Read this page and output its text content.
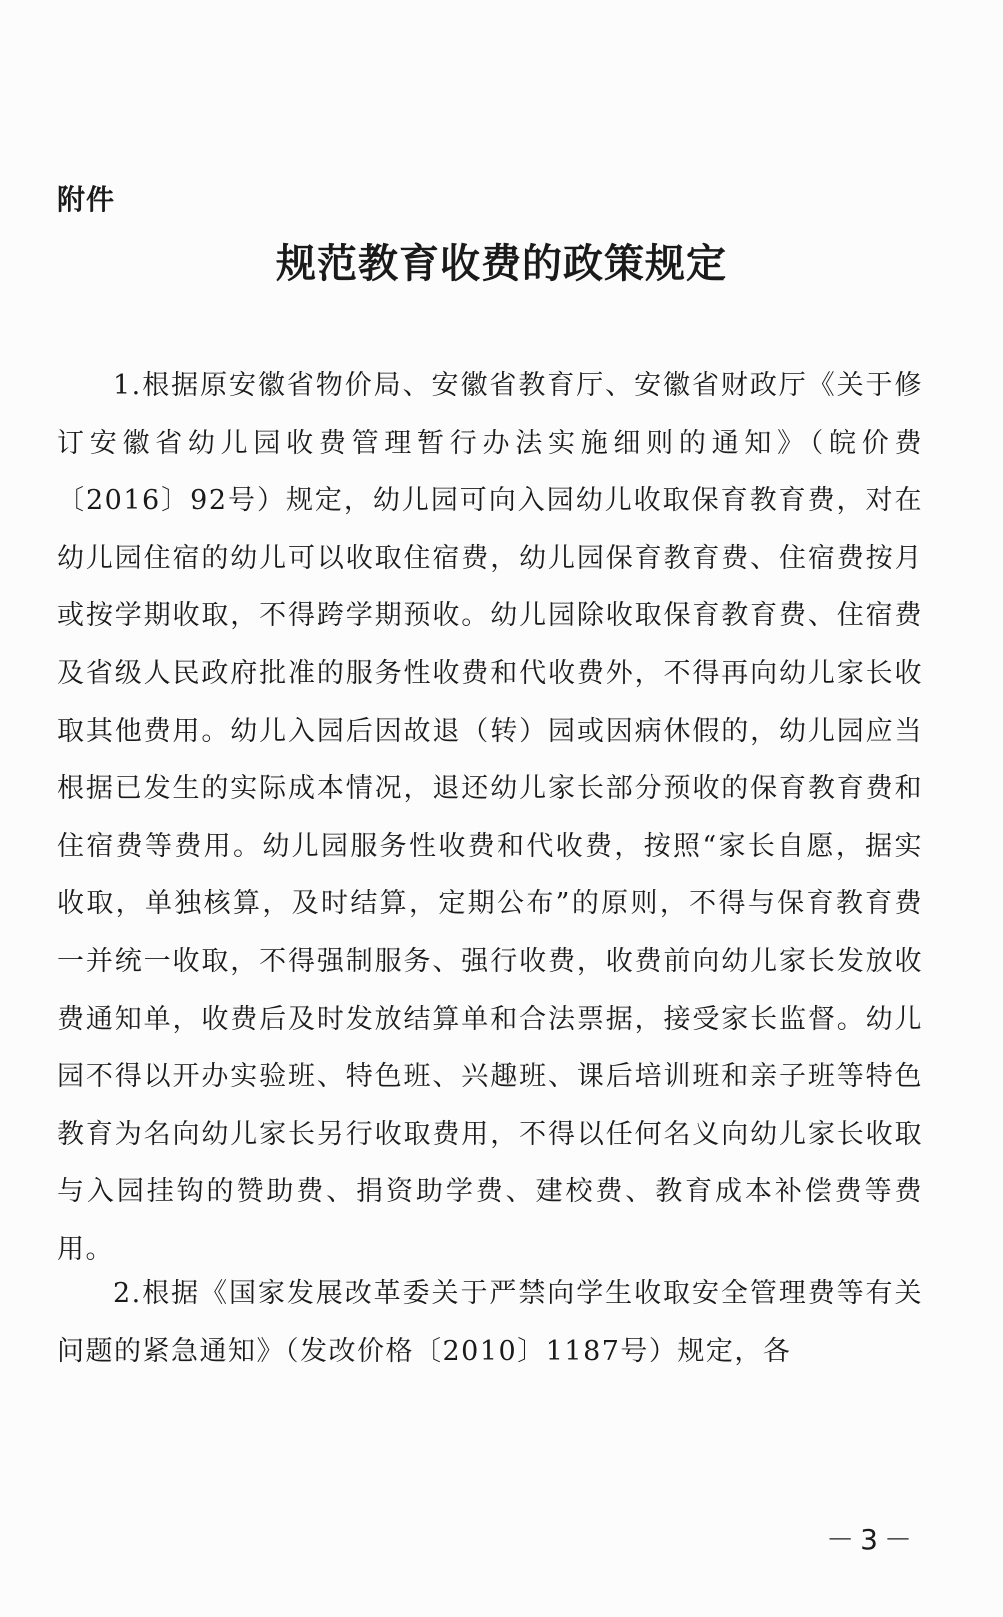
附件
规范教育收费的政策规定

1.根据原安徽省物价局、安徽省教育厅、安徽省财政厅《关于修订安徽省幼儿园收费管理暂行办法实施细则的通知》（皖价费〔2016〕92号）规定，幼儿园可向入园幼儿收取保育教育费，对在幼儿园住宿的幼儿可以收取住宿费，幼儿园保育教育费、住宿费按月或按学期收取，不得跨学期预收。幼儿园除收取保育教育费、住宿费及省级人民政府批准的服务性收费和代收费外，不得再向幼儿家长收取其他费用。幼儿入园后因故退（转）园或因病休假的，幼儿园应当根据已发生的实际成本情况，退还幼儿家长部分预收的保育教育费和住宿费等费用。幼儿园服务性收费和代收费，按照“家长自愿，据实收取，单独核算，及时结算，定期公布”的原则，不得与保育教育费一并统一收取，不得强制服务、强行收费，收费前向幼儿家长发放收费通知单，收费后及时发放结算单和合法票据，接受家长监督。幼儿园不得以开办实验班、特色班、兴趣班、课后培训班和亲子班等特色教育为名向幼儿家长另行收取费用，不得以任何名义向幼儿家长收取与入园挂钩的赞助费、捐资助学费、建校费、教育成本补偿费等费用。

2.根据《国家发展改革委关于严禁向学生收取安全管理费等有关问题的紧急通知》（发改价格〔2010〕1187号）规定，各

－3－
